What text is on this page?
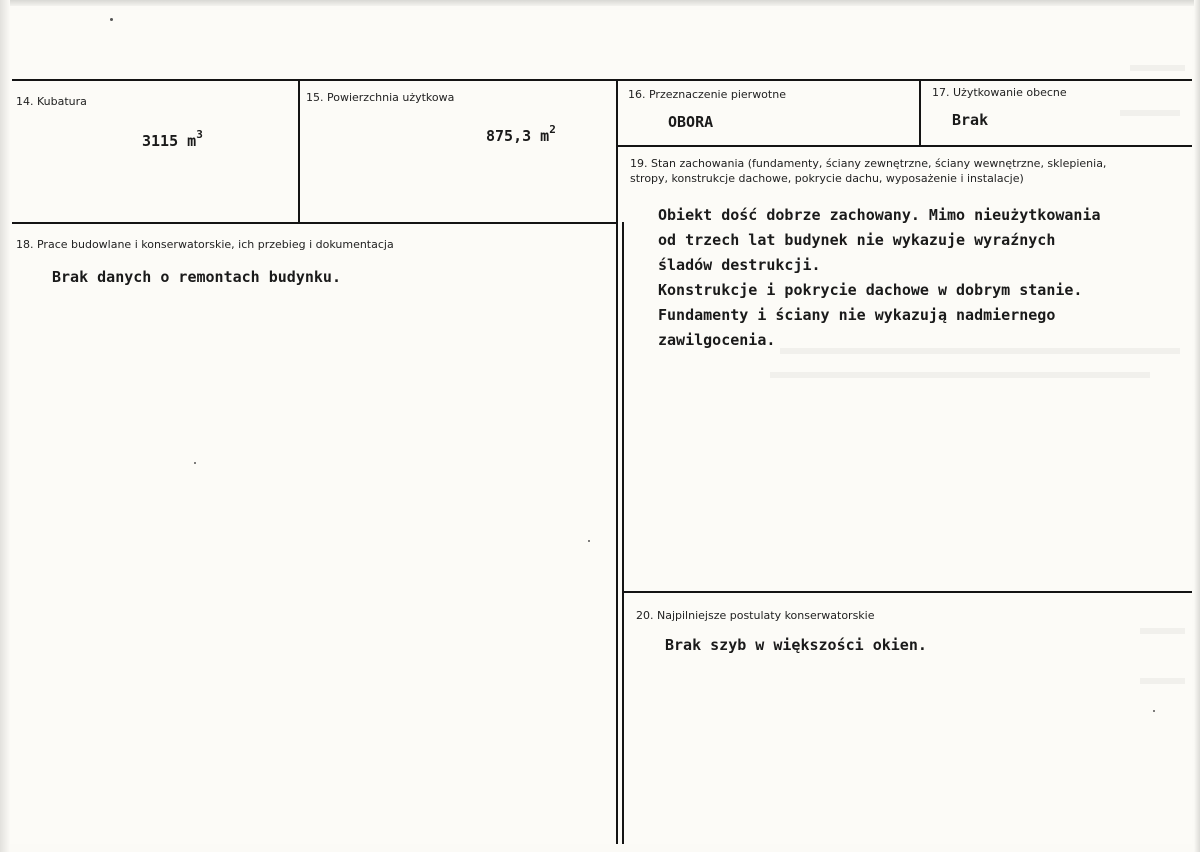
14. Kubatura
3115 $m^3$
15. Powierzchnia użytkowa
875,3 $m^2$
16. Przeznaczenie pierwotne
OBORA
17. Użytkowanie obecne
Brak
18. Prace budowlane i konserwatorskie, ich przebieg i dokumentacja
Brak danych o remontach budynku.
19. Stan zachowania (fundamenty, ściany zewnętrzne, ściany wewnętrzne, sklepienia,
stropy, konstrukcje dachowe, pokrycie dachu, wyposażenie i instalacje)
Obiekt dość dobrze zachowany. Mimo nieużytkowania
od trzech lat budynek nie wykazuje wyraźnych
śladów destrukcji.
Konstrukcje i pokrycie dachowe w dobrym stanie.
Fundamenty i ściany nie wykazują nadmiernego
zawilgocenia.
20. Najpilniejsze postulaty konserwatorskie
Brak szyb w większości okien.
